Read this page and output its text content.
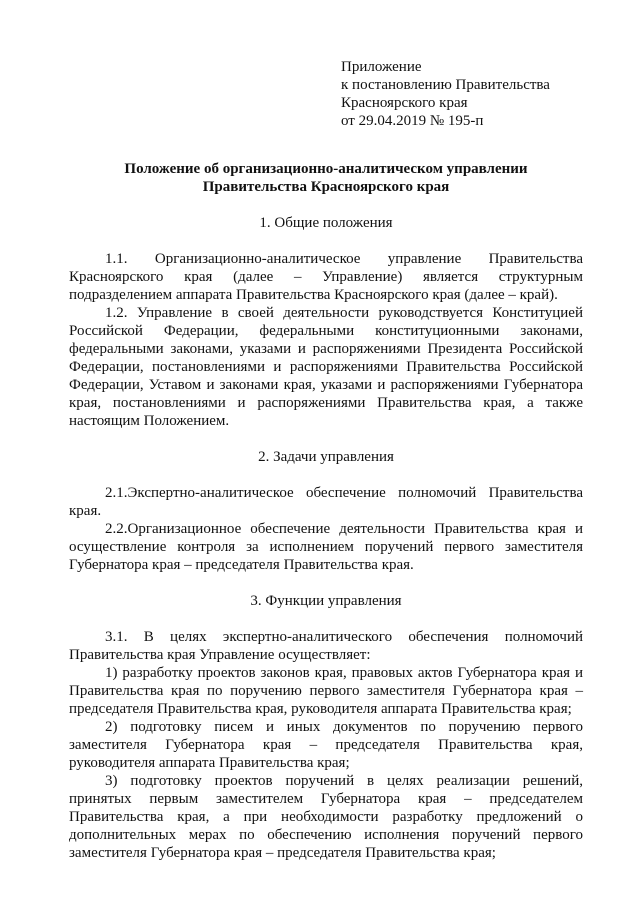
Приложение
к постановлению Правительства
Красноярского края
от 29.04.2019 № 195-п
Положение об организационно-аналитическом управлении
Правительства Красноярского края
1. Общие положения

1.1. Организационно-аналитическое управление Правительства Красноярского края (далее – Управление) является структурным подразделением аппарата Правительства Красноярского края (далее – край).

1.2. Управление в своей деятельности руководствуется Конституцией Российской Федерации, федеральными конституционными законами, федеральными законами, указами и распоряжениями Президента Российской Федерации, постановлениями и распоряжениями Правительства Российской Федерации, Уставом и законами края, указами и распоряжениями Губернатора края, постановлениями и распоряжениями Правительства края, а также настоящим Положением.

2. Задачи управления

2.1.Экспертно-аналитическое обеспечение полномочий Правительства края.

2.2.Организационное обеспечение деятельности Правительства края и осуществление контроля за исполнением поручений первого заместителя Губернатора края – председателя Правительства края.

3. Функции управления

3.1. В целях экспертно-аналитического обеспечения полномочий Правительства края Управление осуществляет:

1) разработку проектов законов края, правовых актов Губернатора края и Правительства края по поручению первого заместителя Губернатора края – председателя Правительства края, руководителя аппарата Правительства края;

2) подготовку писем и иных документов по поручению первого заместителя Губернатора края – председателя Правительства края, руководителя аппарата Правительства края;

3) подготовку проектов поручений в целях реализации решений, принятых первым заместителем Губернатора края – председателем Правительства края, а при необходимости разработку предложений о дополнительных мерах по обеспечению исполнения поручений первого заместителя Губернатора края – председателя Правительства края;
